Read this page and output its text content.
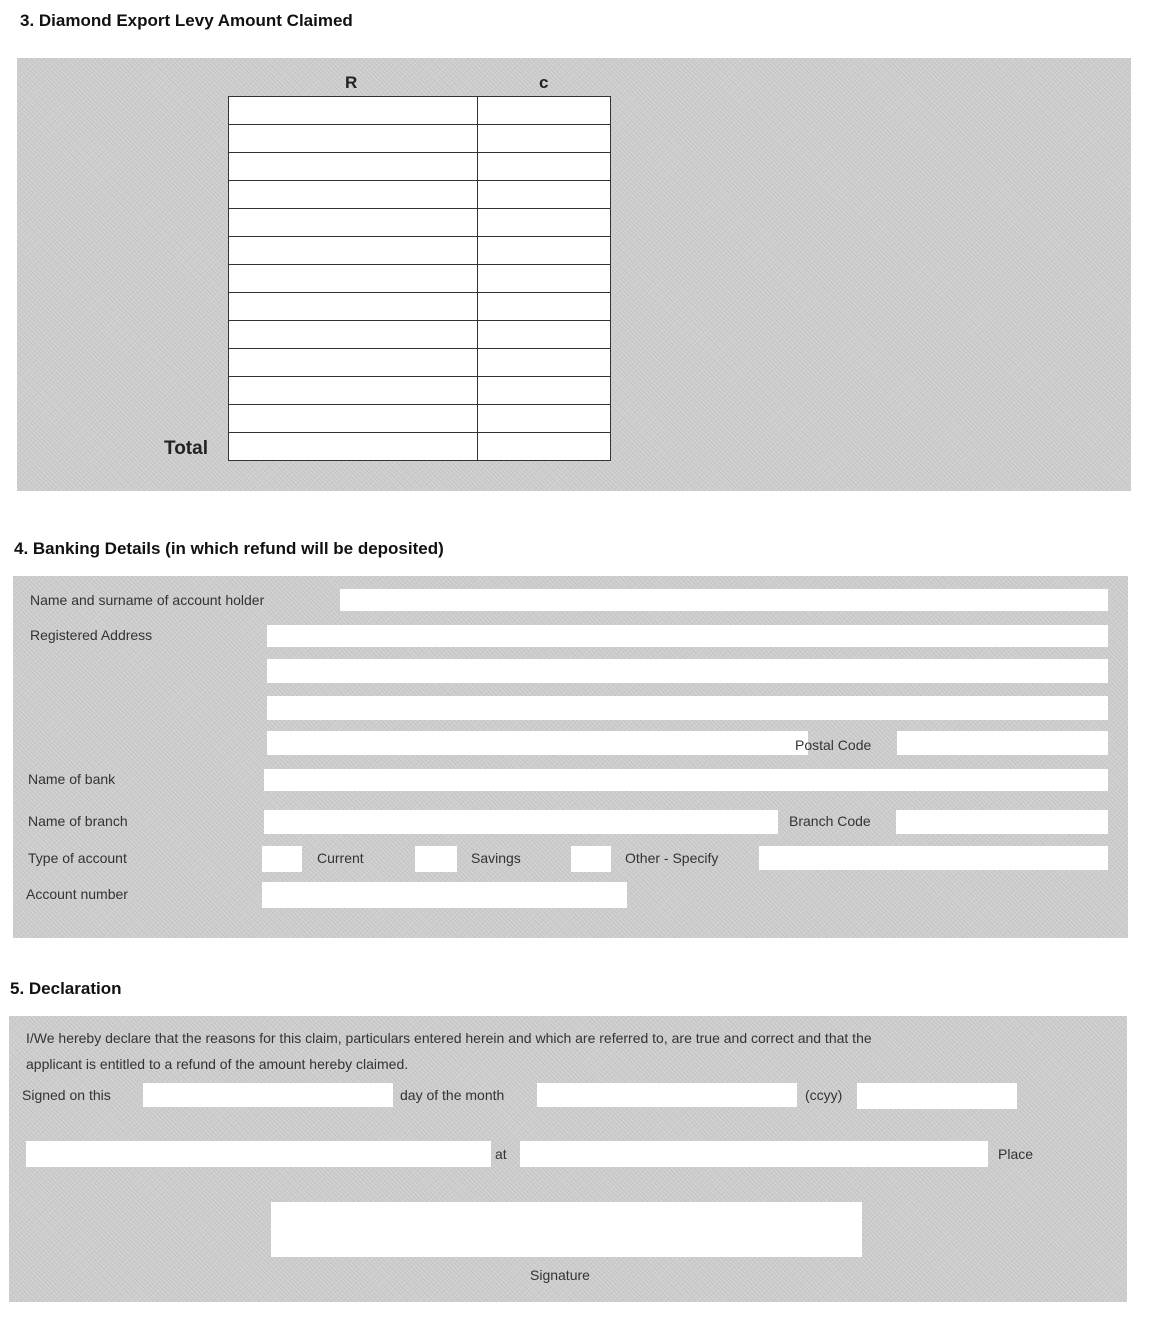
3. Diamond Export Levy Amount Claimed
R	c

Total
4. Banking Details (in which refund will be deposited)
Name and surname of account holder
Registered Address
Postal Code
Name of bank
Name of branch	Branch Code
Type of account	Current	Savings	Other - Specify
Account number
5. Declaration
I/We hereby declare that the reasons for this claim, particulars entered herein and which are referred to, are true and correct and that the
applicant is entitled to a refund of the amount hereby claimed.
Signed on this	day of the month	(ccyy)
at	Place
Signature
